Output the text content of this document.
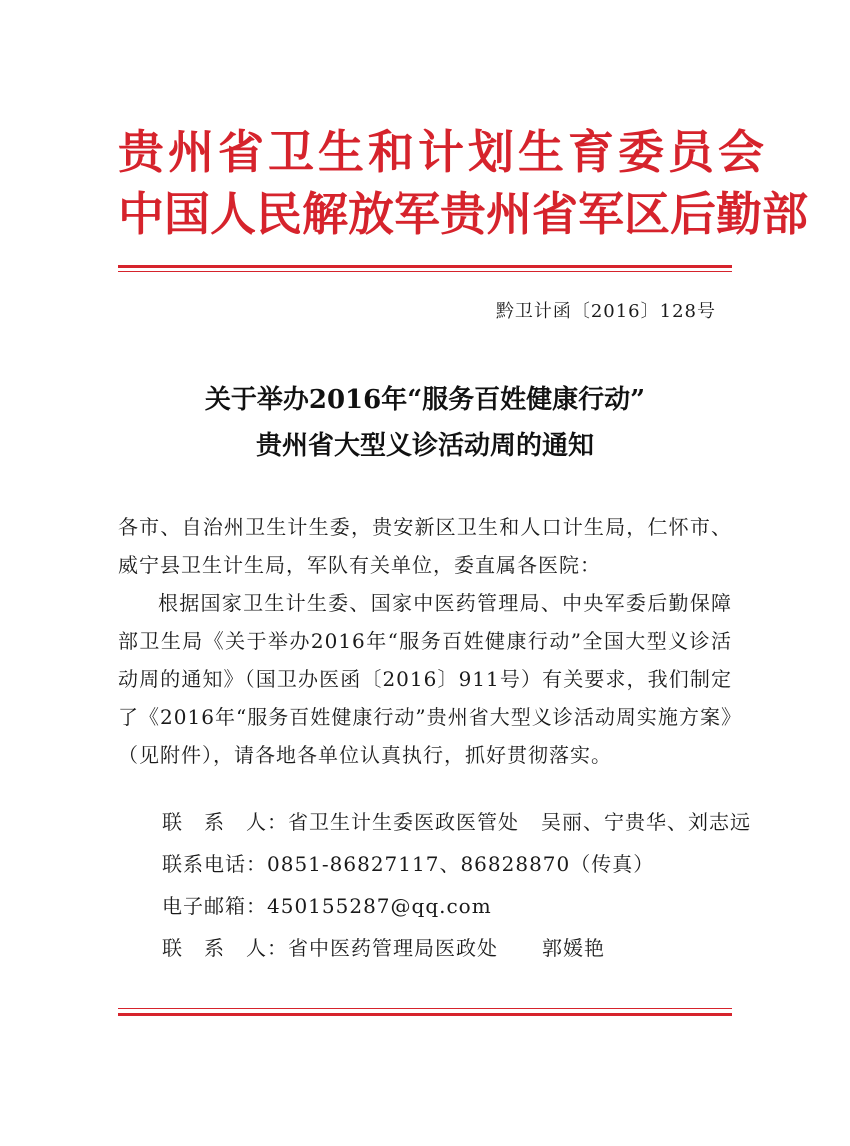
贵州省卫生和计划生育委员会
中国人民解放军贵州省军区后勤部
黔卫计函〔2016〕128号
关于举办2016年“服务百姓健康行动”
贵州省大型义诊活动周的通知

各市、自治州卫生计生委，贵安新区卫生和人口计生局，仁怀市、威宁县卫生计生局，军队有关单位，委直属各医院：

根据国家卫生计生委、国家中医药管理局、中央军委后勤保障部卫生局《关于举办2016年“服务百姓健康行动”全国大型义诊活动周的通知》（国卫办医函〔2016〕911号）有关要求，我们制定了《2016年“服务百姓健康行动”贵州省大型义诊活动周实施方案》（见附件），请各地各单位认真执行，抓好贯彻落实。

联　系　人：省卫生计生委医政医管处 吴丽、宁贵华、刘志远
联系电话：0851-86827117、86828870（传真）
电子邮箱：450155287@qq.com
联　系　人：省中医药管理局医政处 郭媛艳
